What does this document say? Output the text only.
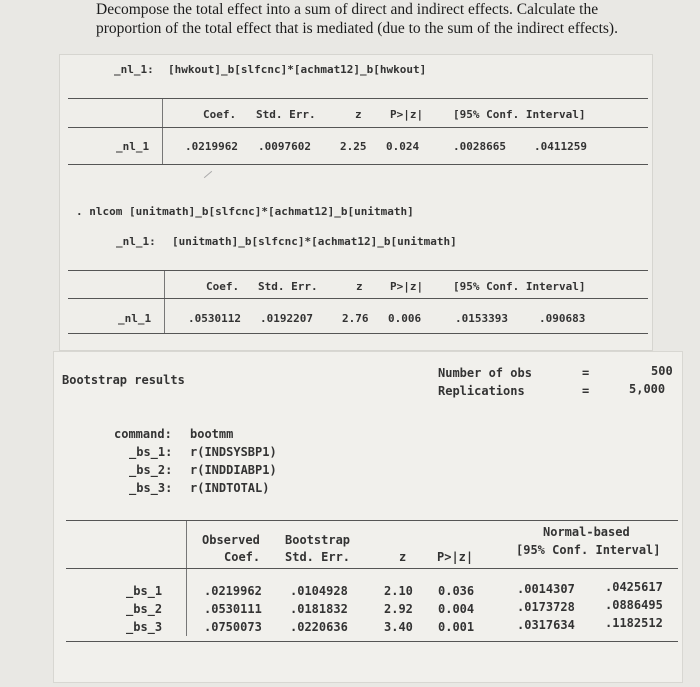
Decompose the total effect into a sum of direct and indirect effects. Calculate the proportion of the total effect that is mediated (due to the sum of the indirect effects).
_nl_1: [hwkout]_b[slfcnc]*[achmat12]_b[hwkout]
Coef. Std. Err.	z	P>|z|	[95% Conf. Interval]
_nl_1	.0219962 .0097602	2.25 0.024	.0028665	.0411259
. nlcom [unitmath]_b[slfcnc]*[achmat12]_b[unitmath]
_nl_1: [unitmath]_b[slfcnc]*[achmat12]_b[unitmath]
Coef. Std. Err.	z P>|z|	[95% Conf. Interval]
_nl_1	.0530112 .0192207	2.76 0.006	.0153393	.090683
Bootstrap results	Number of obs	=	500
Replications	=	5,000
command: bootmm
_bs_1: r(INDSYSBP1)
_bs_2: r(INDDIABP1)
_bs_3: r(INDTOTAL)
Observed
Coef.
Bootstrap
Std. Err.	z	P>|z|
Normal-based
[95% Conf. Interval]
_bs_1	.0219962 .0104928	2.10 0.036	.0014307	.0425617
_bs_2	.0530111 .0181832	2.92 0.004	.0173728	.0886495
_bs_3	.0750073 .0220636	3.40 0.001	.0317634	.1182512
